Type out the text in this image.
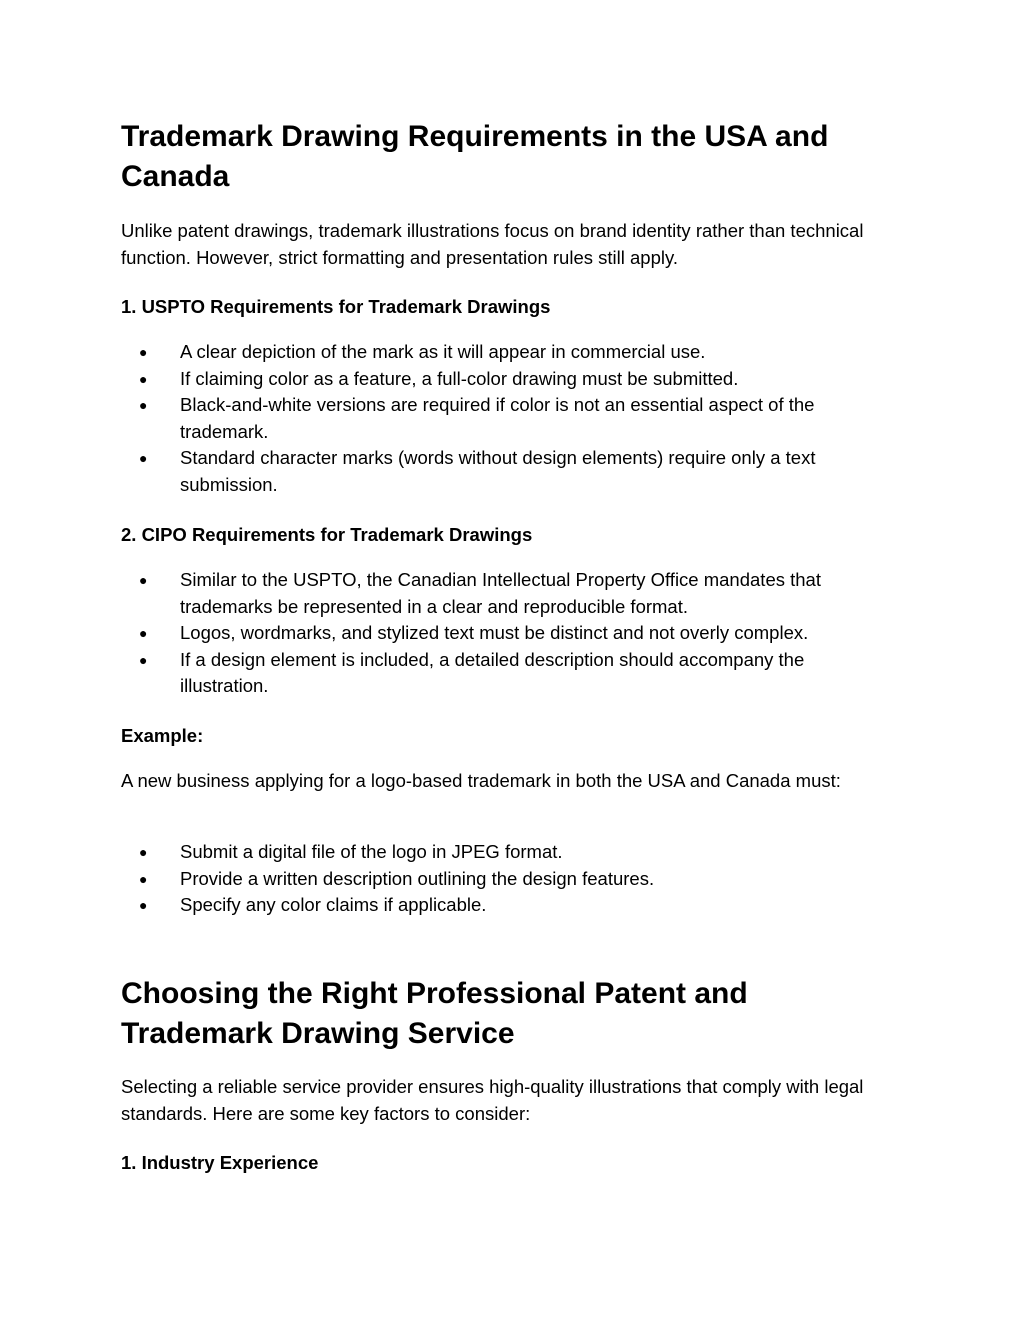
Trademark Drawing Requirements in the USA and Canada

Unlike patent drawings, trademark illustrations focus on brand identity rather than technical function. However, strict formatting and presentation rules still apply.

1. USPTO Requirements for Trademark Drawings
● A clear depiction of the mark as it will appear in commercial use.
● If claiming color as a feature, a full-color drawing must be submitted.
● Black-and-white versions are required if color is not an essential aspect of the trademark.
● Standard character marks (words without design elements) require only a text submission.
2. CIPO Requirements for Trademark Drawings
● Similar to the USPTO, the Canadian Intellectual Property Office mandates that trademarks be represented in a clear and reproducible format.
● Logos, wordmarks, and stylized text must be distinct and not overly complex.
● If a design element is included, a detailed description should accompany the illustration.
Example:

A new business applying for a logo-based trademark in both the USA and Canada must:

● Submit a digital file of the logo in JPEG format.
● Provide a written description outlining the design features.
● Specify any color claims if applicable.
Choosing the Right Professional Patent and Trademark Drawing Service

Selecting a reliable service provider ensures high-quality illustrations that comply with legal standards. Here are some key factors to consider:

1. Industry Experience
